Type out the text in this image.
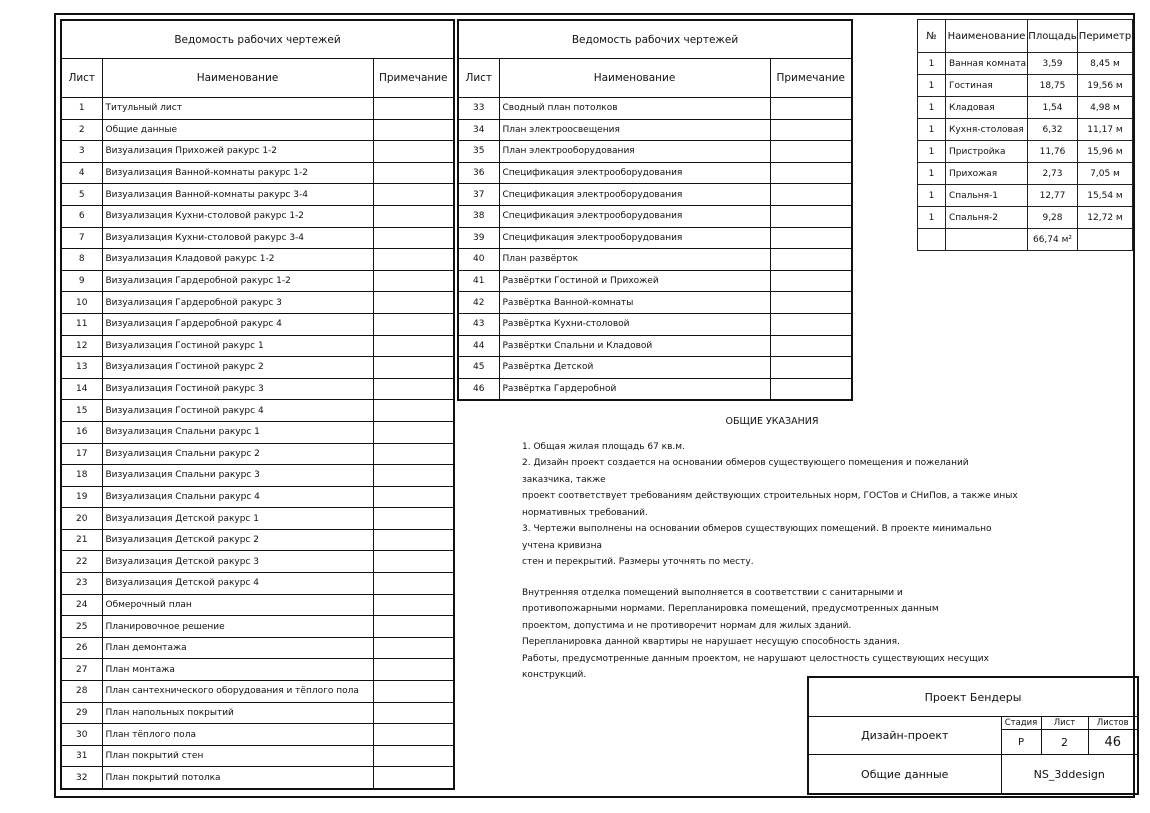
Ведомость рабочих чертежей		
Лист	Наименование	Примечание
1	Титульный лист	
2	Общие данные	
3	Визуализация Прихожей ракурс 1-2	
4	Визуализация Ванной-комнаты ракурс 1-2	
5	Визуализация Ванной-комнаты ракурс 3-4	
6	Визуализация Кухни-столовой ракурс 1-2	
7	Визуализация Кухни-столовой ракурс 3-4	
8	Визуализация Кладовой ракурс 1-2	
9	Визуализация Гардеробной ракурс 1-2	
10	Визуализация Гардеробной ракурс 3	
11	Визуализация Гардеробной ракурс 4	
12	Визуализация Гостиной ракурс 1	
13	Визуализация Гостиной ракурс 2	
14	Визуализация Гостиной ракурс 3	
15	Визуализация Гостиной ракурс 4	
16	Визуализация Спальни ракурс 1	
17	Визуализация Спальни ракурс 2	
18	Визуализация Спальни ракурс 3	
19	Визуализация Спальни ракурс 4	
20	Визуализация Детской ракурс 1	
21	Визуализация Детской ракурс 2	
22	Визуализация Детской ракурс 3	
23	Визуализация Детской ракурс 4	
24	Обмерочный план	
25	Планировочное решение	
26	План демонтажа	
27	План монтажа	
28	План сантехнического оборудования и тёплого пола	
29	План напольных покрытий	
30	План тёплого пола	
31	План покрытий стен	
32	План покрытий потолка	
Ведомость рабочих чертежей		
Лист	Наименование	Примечание
33	Сводный план потолков	
34	План электроосвещения	
35	План электрооборудования	
36	Спецификация электрооборудования	
37	Спецификация электрооборудования	
38	Спецификация электрооборудования	
39	Спецификация электрооборудования	
40	План развёрток	
41	Развёртки Гостиной и Прихожей	
42	Развёртка Ванной-комнаты	
43	Развёртка Кухни-столовой	
44	Развёртки Спальни и Кладовой	
45	Развёртка Детской	
46	Развёртка Гардеробной	
№	Наименование	Площадь	Периметр
1	Ванная комната	3,59	8,45 м
1	Гостиная	18,75	19,56 м
1	Кладовая	1,54	4,98 м
1	Кухня-столовая	6,32	11,17 м
1	Пристройка	11,76	15,96 м
1	Прихожая	2,73	7,05 м
1	Спальня-1	12,77	15,54 м
1	Спальня-2	9,28	12,72 м
		66,74 м²	
ОБЩИЕ УКАЗАНИЯ

1. Общая жилая площадь 67 кв.м.

2. Дизайн проект создается на основании обмеров существующего помещения и пожеланий заказчика, также

проект соответствует требованиям действующих строительных норм, ГОСТов и СНиПов, а также иных

нормативных требований.

3. Чертежи выполнены на основании обмеров существующих помещений. В проекте минимально учтена кривизна

стен и перекрытий. Размеры уточнять по месту.

Внутренняя отделка помещений выполняется в соответствии с санитарными и

противопожарными нормами. Перепланировка помещений, предусмотренных данным

проектом, допустима и не противоречит нормам для жилых зданий.

Перепланировка данной квартиры не нарушает несущую способность здания.

Работы, предусмотренные данным проектом, не нарушают целостность существующих несущих

конструкций.

Проект Бендеры			
Дизайн-проект	Стадия	Лист	Листов
	Р	2	46
Общие данные	NS_3ddesign		
